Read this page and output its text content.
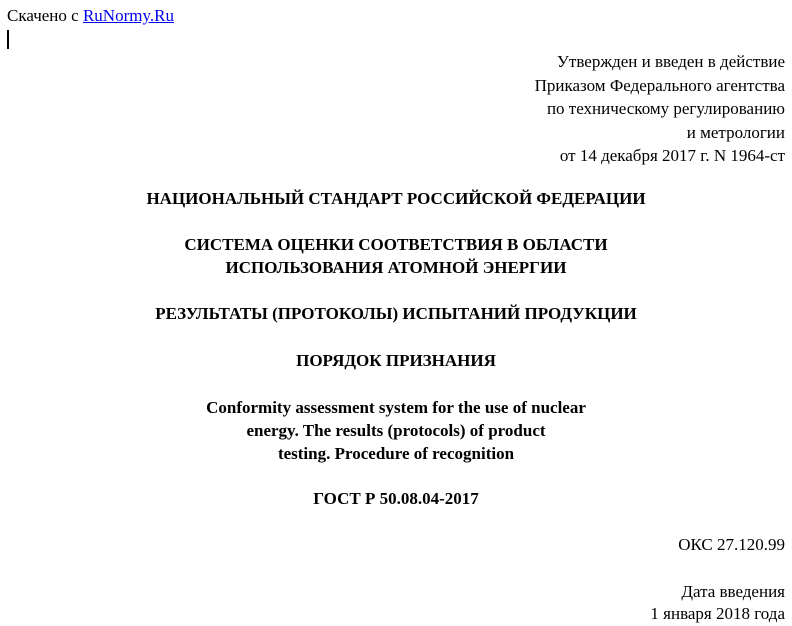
Скачено с RuNormy.Ru
Утвержден и введен в действие
Приказом Федерального агентства
по техническому регулированию
и метрологии
от 14 декабря 2017 г. N 1964-ст
НАЦИОНАЛЬНЫЙ СТАНДАРТ РОССИЙСКОЙ ФЕДЕРАЦИИ
СИСТЕМА ОЦЕНКИ СООТВЕТСТВИЯ В ОБЛАСТИ
ИСПОЛЬЗОВАНИЯ АТОМНОЙ ЭНЕРГИИ
РЕЗУЛЬТАТЫ (ПРОТОКОЛЫ) ИСПЫТАНИЙ ПРОДУКЦИИ
ПОРЯДОК ПРИЗНАНИЯ
Conformity assessment system for the use of nuclear
energy. The results (protocols) of product
testing. Procedure of recognition
ГОСТ Р 50.08.04-2017
ОКС 27.120.99
Дата введения
1 января 2018 года
